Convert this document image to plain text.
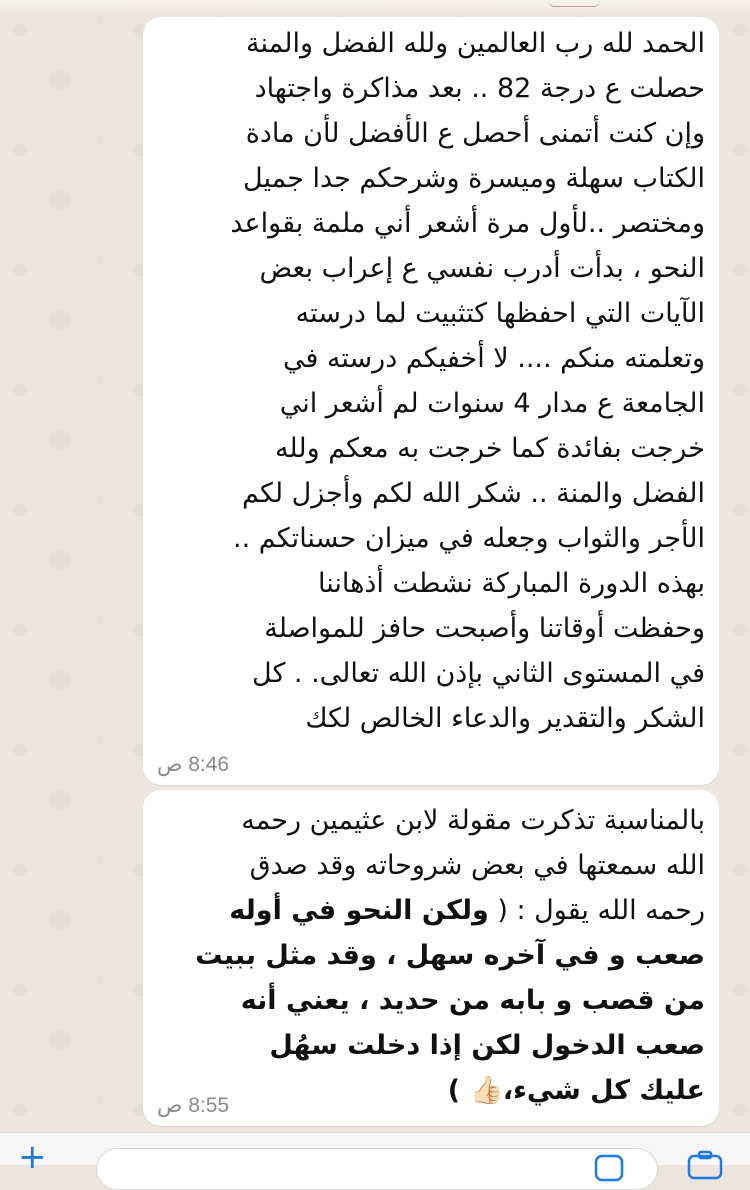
الحمد لله رب العالمين ولله الفضل والمنة
حصلت ع درجة 82 .. بعد مذاكرة واجتهاد
وإن كنت أتمنى أحصل ع الأفضل لأن مادة
الكتاب سهلة وميسرة وشرحكم جدا جميل
ومختصر ..لأول مرة أشعر أني ملمة بقواعد
النحو ، بدأت أدرب نفسي ع إعراب بعض
الآيات التي احفظها كتثبيت لما درسته
وتعلمته منكم .... لا أخفيكم درسته في
الجامعة ع مدار 4 سنوات لم أشعر اني
خرجت بفائدة كما خرجت به معكم ولله
الفضل والمنة .. شكر الله لكم وأجزل لكم
الأجر والثواب وجعله في ميزان حسناتكم ..
بهذه الدورة المباركة نشطت أذهاننا
وحفظت أوقاتنا وأصبحت حافز للمواصلة
في المستوى الثاني بإذن الله تعالى. . كل
الشكر والتقدير والدعاء الخالص لكك
8:46 ص
بالمناسبة تذكرت مقولة لابن عثيمين رحمه
الله سمعتها في بعض شروحاته وقد صدق
رحمه الله يقول : ( ولكن النحو في أوله
صعب و في آخره سهل ، وقد مثل ببيت
من قصب و بابه من حديد ، يعني أنه
صعب الدخول لكن إذا دخلت سهُل
عليك كل شيء،👍🏻 )
8:55 ص
+
